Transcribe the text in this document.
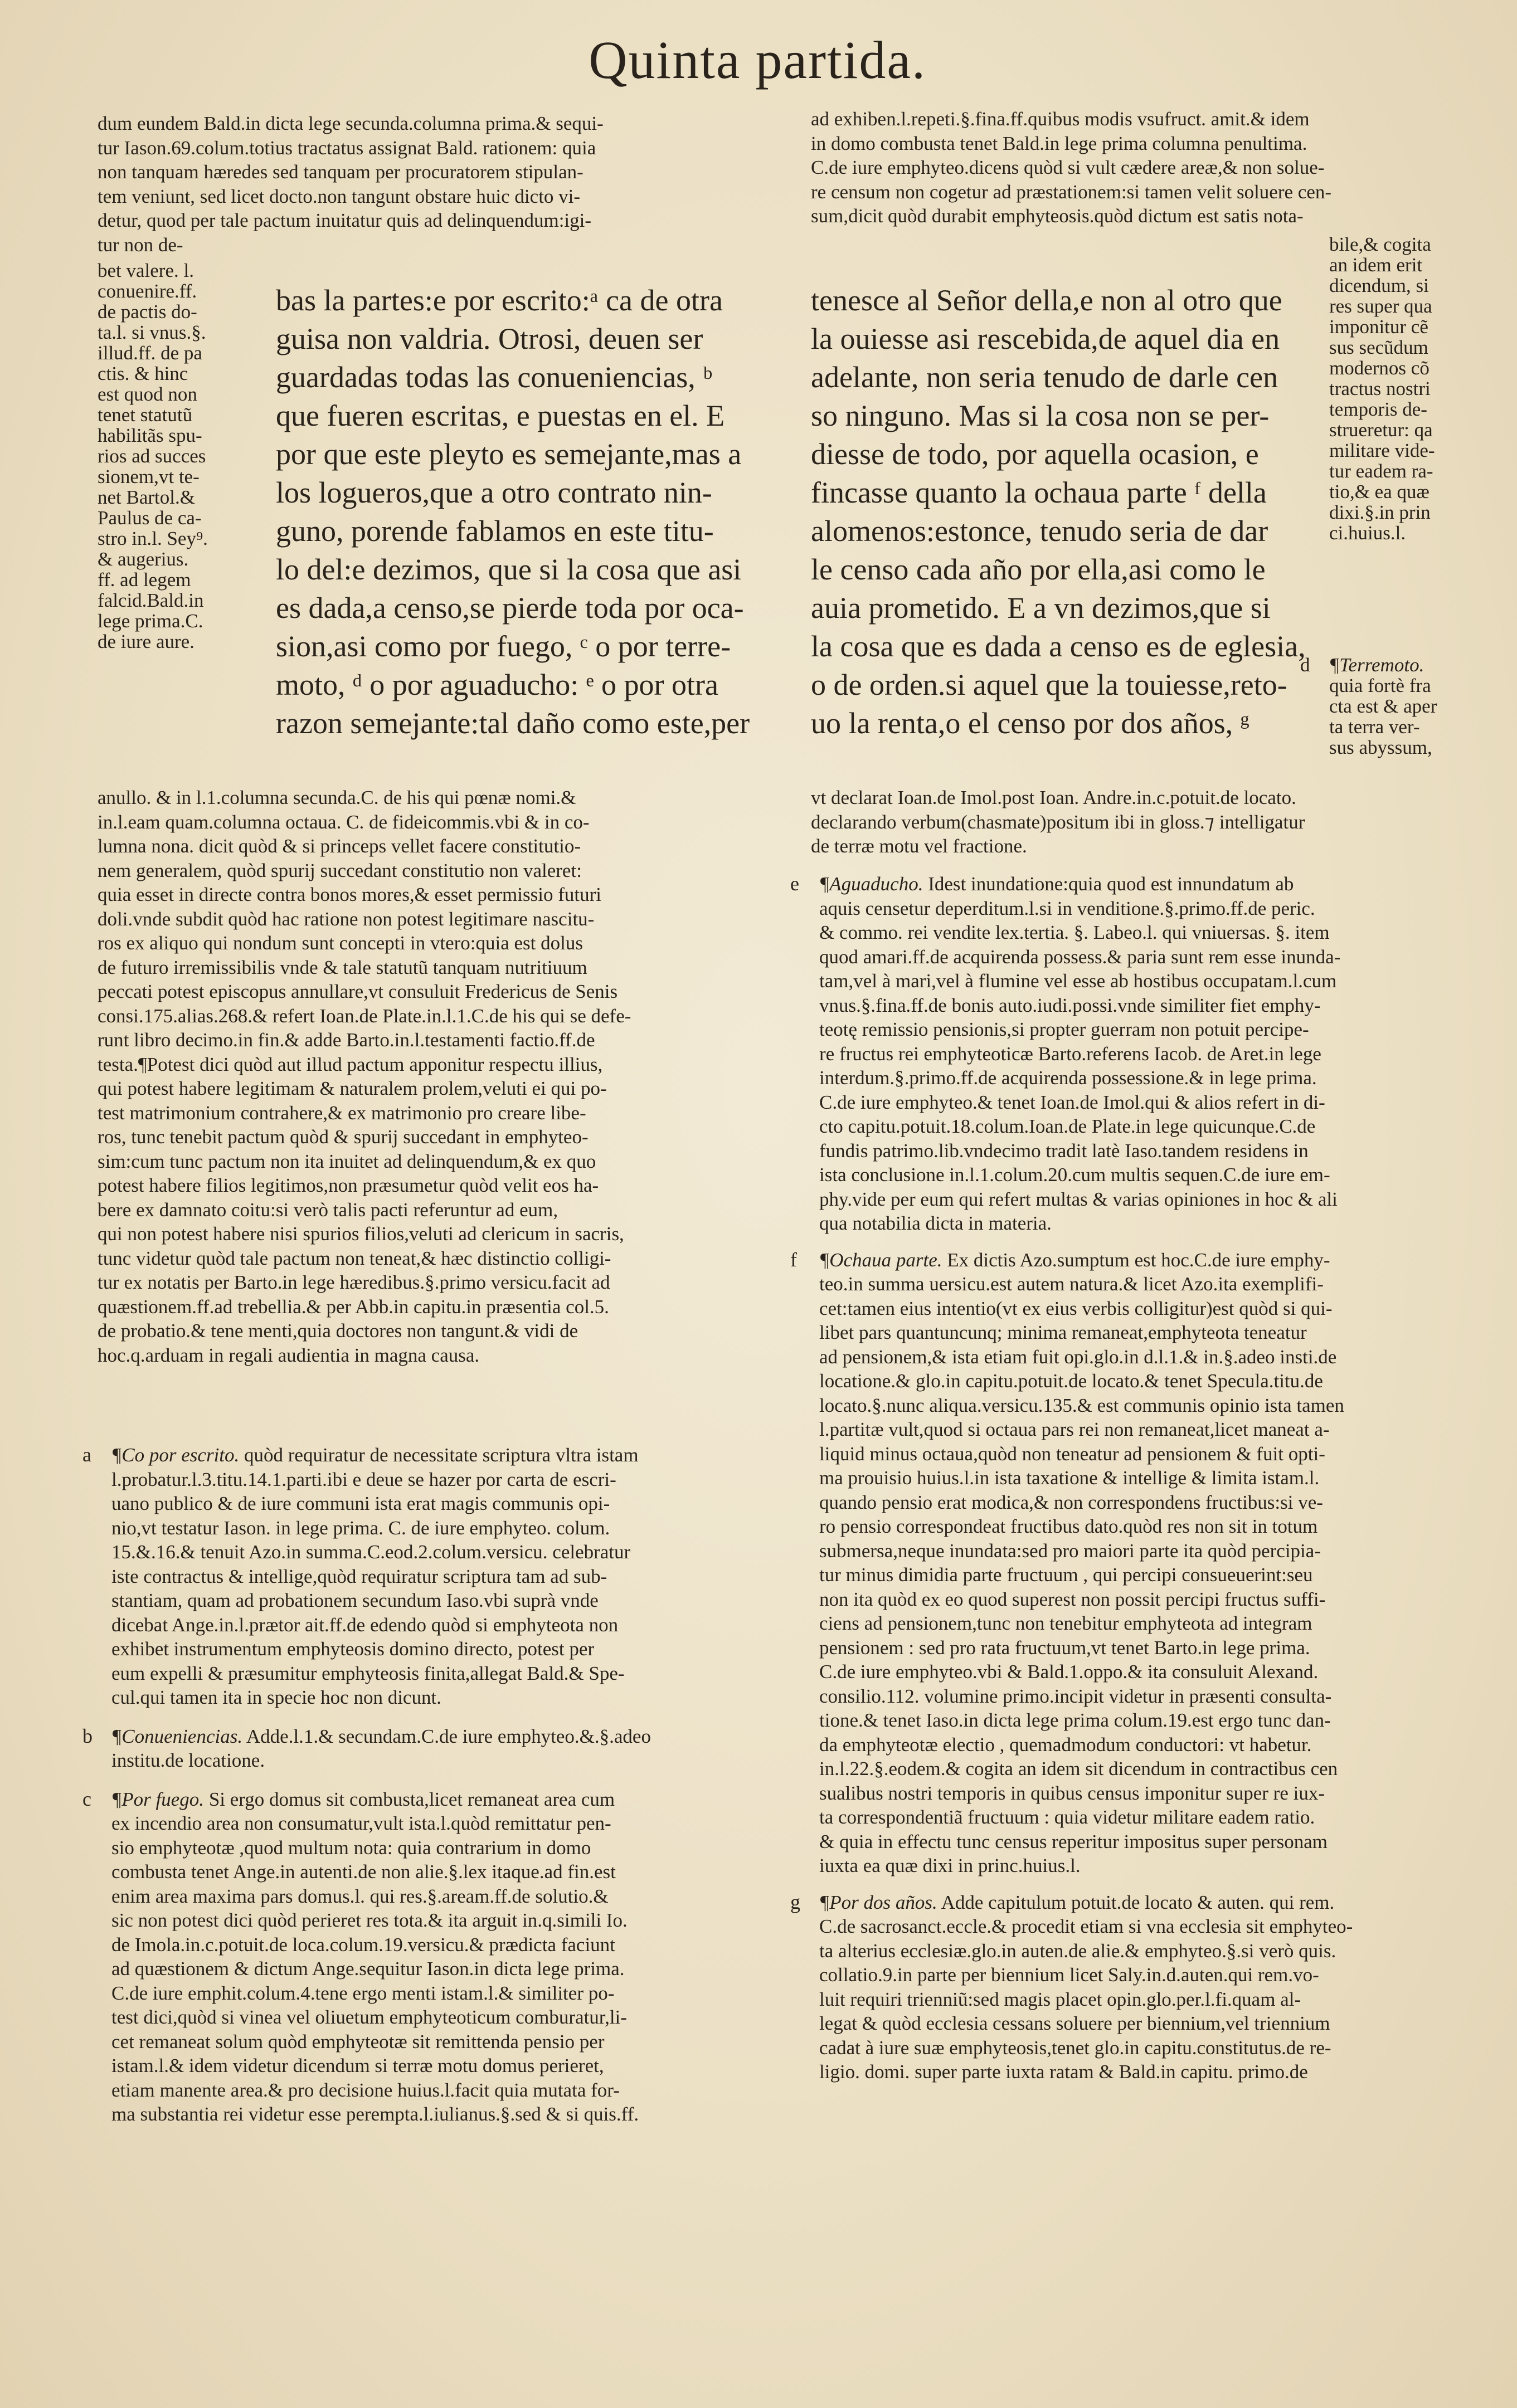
Quinta partida.

dum eundem Bald.in dicta lege secunda.columna prima.& sequi-

tur Iason.69.colum.totius tractatus assignat Bald. rationem: quia

non tanquam hæredes sed tanquam per procuratorem stipulan-

tem veniunt, sed licet docto.non tangunt obstare huic dicto vi-

detur, quod per tale pactum inuitatur quis ad delinquendum:igi-

tur non de-

bet valere. l.

conuenire.ff.

de pactis do-

ta.l. si vnus.§.

illud.ff. de pa

ctis. & hinc

est quod non

tenet statutũ

habilitãs spu-

rios ad succes

sionem,vt te-

net Bartol.&

Paulus de ca-

stro in.l. Sey⁹.

& augerius.

ff. ad legem

falcid.Bald.in

lege prima.C.

de iure aure.

bas la partes:e por escrito:ᵃ ca de otra

guisa non valdria. Otrosi, deuen ser

guardadas todas las conueniencias, ᵇ

que fueren escritas, e puestas en el. E

por que este pleyto es semejante,mas a

los logueros,que a otro contrato nin-

guno, porende fablamos en este titu-

lo del:e dezimos, que si la cosa que asi

es dada,a censo,se pierde toda por oca-

sion,asi como por fuego, ᶜ o por terre-

moto, ᵈ o por aguaducho: ᵉ o por otra

razon semejante:tal daño como este,per

anullo. & in l.1.columna secunda.C. de his qui pœnæ nomi.&

in.l.eam quam.columna octaua. C. de fideicommis.vbi & in co-

lumna nona. dicit quòd & si princeps vellet facere constitutio-

nem generalem, quòd spurij succedant constitutio non valeret:

quia esset in directe contra bonos mores,& esset permissio futuri

doli.vnde subdit quòd hac ratione non potest legitimare nascitu-

ros ex aliquo qui nondum sunt concepti in vtero:quia est dolus

de futuro irremissibilis vnde & tale statutũ tanquam nutritiuum

peccati potest episcopus annullare,vt consuluit Fredericus de Senis

consi.175.alias.268.& refert Ioan.de Plate.in.l.1.C.de his qui se defe-

runt libro decimo.in fin.& adde Barto.in.l.testamenti factio.ff.de

testa.¶Potest dici quòd aut illud pactum apponitur respectu illius,

qui potest habere legitimam & naturalem prolem,veluti ei qui po-

test matrimonium contrahere,& ex matrimonio pro creare libe-

ros, tunc tenebit pactum quòd & spurij succedant in emphyteo-

sim:cum tunc pactum non ita inuitet ad delinquendum,& ex quo

potest habere filios legitimos,non præsumetur quòd velit eos ha-

bere ex damnato coitu:si verò talis pacti referuntur ad eum,

qui non potest habere nisi spurios filios,veluti ad clericum in sacris,

tunc videtur quòd tale pactum non teneat,& hæc distinctio colligi-

tur ex notatis per Barto.in lege hæredibus.§.primo versicu.facit ad

quæstionem.ff.ad trebellia.& per Abb.in capitu.in præsentia col.5.

de probatio.& tene menti,quia doctores non tangunt.& vidi de

hoc.q.arduam in regali audientia in magna causa.

a ¶Co por escrito. quòd requiratur de necessitate scriptura vltra istam

l.probatur.l.3.titu.14.1.parti.ibi e deue se hazer por carta de escri-

uano publico & de iure communi ista erat magis communis opi-

nio,vt testatur Iason. in lege prima. C. de iure emphyteo. colum.

15.&.16.& tenuit Azo.in summa.C.eod.2.colum.versicu. celebratur

iste contractus & intellige,quòd requiratur scriptura tam ad sub-

stantiam, quam ad probationem secundum Iaso.vbi suprà vnde

dicebat Ange.in.l.prætor ait.ff.de edendo quòd si emphyteota non

exhibet instrumentum emphyteosis domino directo, potest per

eum expelli & præsumitur emphyteosis finita,allegat Bald.& Spe-

cul.qui tamen ita in specie hoc non dicunt.

b ¶Conueniencias. Adde.l.1.& secundam.C.de iure emphyteo.&.§.adeo

institu.de locatione.

c ¶Por fuego. Si ergo domus sit combusta,licet remaneat area cum

ex incendio area non consumatur,vult ista.l.quòd remittatur pen-

sio emphyteotæ ,quod multum nota: quia contrarium in domo

combusta tenet Ange.in autenti.de non alie.§.lex itaque.ad fin.est

enim area maxima pars domus.l. qui res.§.aream.ff.de solutio.&

sic non potest dici quòd perieret res tota.& ita arguit in.q.simili Io.

de Imola.in.c.potuit.de loca.colum.19.versicu.& prædicta faciunt

ad quæstionem & dictum Ange.sequitur Iason.in dicta lege prima.

C.de iure emphit.colum.4.tene ergo menti istam.l.& similiter po-

test dici,quòd si vinea vel oliuetum emphyteoticum comburatur,li-

cet remaneat solum quòd emphyteotæ sit remittenda pensio per

istam.l.& idem videtur dicendum si terræ motu domus perieret,

etiam manente area.& pro decisione huius.l.facit quia mutata for-

ma substantia rei videtur esse perempta.l.iulianus.§.sed & si quis.ff.

ad exhiben.l.repeti.§.fina.ff.quibus modis vsufruct. amit.& idem

in domo combusta tenet Bald.in lege prima columna penultima.

C.de iure emphyteo.dicens quòd si vult cædere areæ,& non solue-

re censum non cogetur ad præstationem:si tamen velit soluere cen-

sum,dicit quòd durabit emphyteosis.quòd dictum est satis nota-

tenesce al Señor della,e non al otro que

la ouiesse asi rescebida,de aquel dia en

adelante, non seria tenudo de darle cen

so ninguno. Mas si la cosa non se per-

diesse de todo, por aquella ocasion, e

fincasse quanto la ochaua parte ᶠ della

alomenos:estonce, tenudo seria de dar

le censo cada año por ella,asi como le

auia prometido. E a vn dezimos,que si

la cosa que es dada a censo es de eglesia,

o de orden.si aquel que la touiesse,reto-

uo la renta,o el censo por dos años, ᵍ

bile,& cogita

an idem erit

dicendum, si

res super qua

imponitur cẽ

sus secũdum

modernos cõ

tractus nostri

temporis de-

strueretur: qa

militare vide-

tur eadem ra-

tio,& ea quæ

dixi.§.in prin

ci.huius.l.

d ¶Terremoto.

quia fortè fra

cta est & aper

ta terra ver-

sus abyssum,

vt declarat Ioan.de Imol.post Ioan. Andre.in.c.potuit.de locato.

declarando verbum(chasmate)positum ibi in gloss.⁊ intelligatur

de terræ motu vel fractione.

e ¶Aguaducho. Idest inundatione:quia quod est innundatum ab

aquis censetur deperditum.l.si in venditione.§.primo.ff.de peric.

& commo. rei vendite lex.tertia. §. Labeo.l. qui vniuersas. §. item

quod amari.ff.de acquirenda possess.& paria sunt rem esse inunda-

tam,vel à mari,vel à flumine vel esse ab hostibus occupatam.l.cum

vnus.§.fina.ff.de bonis auto.iudi.possi.vnde similiter fiet emphy-

teotę remissio pensionis,si propter guerram non potuit percipe-

re fructus rei emphyteoticæ Barto.referens Iacob. de Aret.in lege

interdum.§.primo.ff.de acquirenda possessione.& in lege prima.

C.de iure emphyteo.& tenet Ioan.de Imol.qui & alios refert in di-

cto capitu.potuit.18.colum.Ioan.de Plate.in lege quicunque.C.de

fundis patrimo.lib.vndecimo tradit latè Iaso.tandem residens in

ista conclusione in.l.1.colum.20.cum multis sequen.C.de iure em-

phy.vide per eum qui refert multas & varias opiniones in hoc & ali

qua notabilia dicta in materia.

f ¶Ochaua parte. Ex dictis Azo.sumptum est hoc.C.de iure emphy-

teo.in summa uersicu.est autem natura.& licet Azo.ita exemplifi-

cet:tamen eius intentio(vt ex eius verbis colligitur)est quòd si qui-

libet pars quantuncunq; minima remaneat,emphyteota teneatur

ad pensionem,& ista etiam fuit opi.glo.in d.l.1.& in.§.adeo insti.de

locatione.& glo.in capitu.potuit.de locato.& tenet Specula.titu.de

locato.§.nunc aliqua.versicu.135.& est communis opinio ista tamen

l.partitæ vult,quod si octaua pars rei non remaneat,licet maneat a-

liquid minus octaua,quòd non teneatur ad pensionem & fuit opti-

ma prouisio huius.l.in ista taxatione & intellige & limita istam.l.

quando pensio erat modica,& non correspondens fructibus:si ve-

ro pensio correspondeat fructibus dato.quòd res non sit in totum

submersa,neque inundata:sed pro maiori parte ita quòd percipia-

tur minus dimidia parte fructuum , qui percipi consueuerint:seu

non ita quòd ex eo quod superest non possit percipi fructus suffi-

ciens ad pensionem,tunc non tenebitur emphyteota ad integram

pensionem : sed pro rata fructuum,vt tenet Barto.in lege prima.

C.de iure emphyteo.vbi & Bald.1.oppo.& ita consuluit Alexand.

consilio.112. volumine primo.incipit videtur in præsenti consulta-

tione.& tenet Iaso.in dicta lege prima colum.19.est ergo tunc dan-

da emphyteotæ electio , quemadmodum conductori: vt habetur.

in.l.22.§.eodem.& cogita an idem sit dicendum in contractibus cen

sualibus nostri temporis in quibus census imponitur super re iux-

ta correspondentiã fructuum : quia videtur militare eadem ratio.

& quia in effectu tunc census reperitur impositus super personam

iuxta ea quæ dixi in princ.huius.l.

g ¶Por dos años. Adde capitulum potuit.de locato & auten. qui rem.

C.de sacrosanct.eccle.& procedit etiam si vna ecclesia sit emphyteo-

ta alterius ecclesiæ.glo.in auten.de alie.& emphyteo.§.si verò quis.

collatio.9.in parte per biennium licet Saly.in.d.auten.qui rem.vo-

luit requiri trienniũ:sed magis placet opin.glo.per.l.fi.quam al-

legat & quòd ecclesia cessans soluere per biennium,vel triennium

cadat à iure suæ emphyteosis,tenet glo.in capitu.constitutus.de re-

ligio. domi. super parte iuxta ratam & Bald.in capitu. primo.de
